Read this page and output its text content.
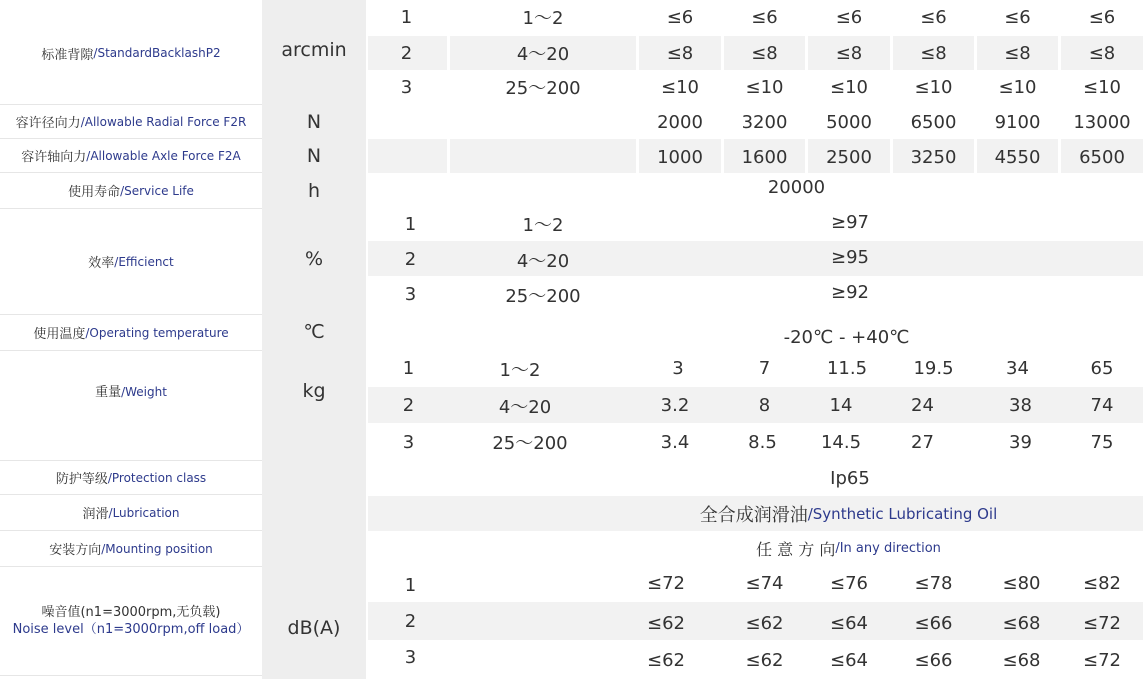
标准背隙 /StandardBacklashP2	arcmin
1	1～2	≤6	≤6	≤6	≤6	≤6	≤6
2	4～20	≤8	≤8	≤8	≤8	≤8	≤8
3	25～200	≤10	≤10	≤10	≤10	≤10	≤10
容许径向力 /Allowable Radial Force F2R	N	2000	3200	5000	6500	9100	13000
容许轴向力 /Allowable Axle Force F2A	N	1000	1600	2500	3250	4550	6500
使用寿命 /Service Life	h	20000
效率 /Efficienct	%
1	1～2	≥97
2	4～20	≥95
3	25～200	≥92
使用温度 /Operating temperature	℃	-20℃ - +40℃
重量/Weight	kg
1	1～2	3	7	11.5	19.5	34	65
2	4～20	3.2	8	14	24	38	74
3	25～200	3.4	8.5	14.5	27	39	75
防护等级 /Protection class	Ip65
润滑 /Lubrication	全合成润滑油 /Synthetic Lubricating Oil
安装方向 /Mounting position	任 意 方 向 /In any direction
噪音值(n1=3000rpm,无负载)
Noise level（n1=3000rpm,off load）	dB(A)
1	≤72	≤74	≤76	≤78	≤80	≤82
2	≤62	≤62	≤64	≤66	≤68	≤72
3	≤62	≤62	≤64	≤66	≤68	≤72
